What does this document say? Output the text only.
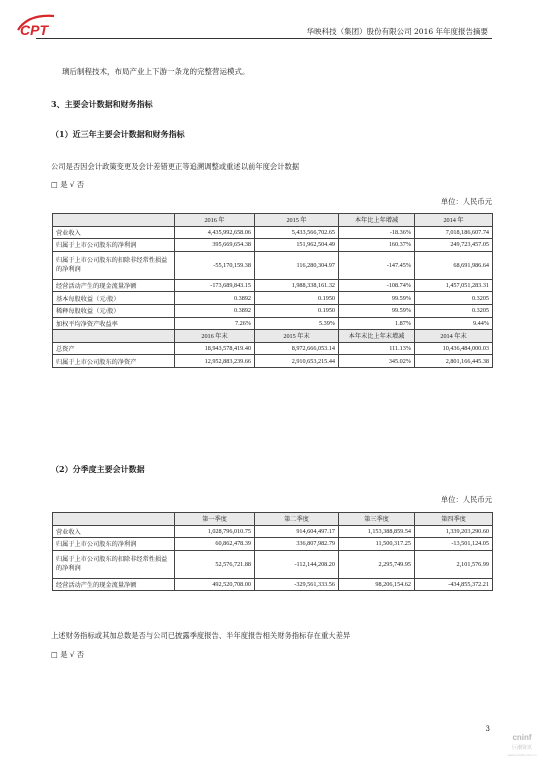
CPT	华映科技（集团）股份有限公司 2016 年年度报告摘要
璃后制程技术，布局产业上下游一条龙的完整营运模式。
3、主要会计数据和财务指标
（1）近三年主要会计数据和财务指标
公司是否因会计政策变更及会计差错更正等追溯调整或重述以前年度会计数据
□ 是 √ 否
单位：人民币元
	2016 年	2015 年	本年比上年增减	2014 年
营业收入	4,435,992,658.06	5,433,566,702.65	-18.36%	7,018,186,607.74
归属于上市公司股东的净利润	395,669,654.38	151,962,504.49	160.37%	249,723,457.05
归属于上市公司股东的扣除非经常性损益的净利润	-55,170,159.38	116,280,304.97	-147.45%	68,691,986.64
经营活动产生的现金流量净额	-173,689,843.15	1,988,338,161.32	-108.74%	1,457,051,283.31
基本每股收益（元/股）	0.3892	0.1950	99.59%	0.3205
稀释每股收益（元/股）	0.3892	0.1950	99.59%	0.3205
加权平均净资产收益率	7.26%	5.39%	1.87%	9.44%
	2016 年末	2015 年末	本年末比上年末增减	2014 年末
总资产	18,943,578,419.40	8,972,666,053.14	111.13%	10,436,484,000.03
归属于上市公司股东的净资产	12,952,883,239.66	2,910,653,215.44	345.02%	2,801,166,445.38
（2）分季度主要会计数据
单位：人民币元
	第一季度	第二季度	第三季度	第四季度
营业收入	1,028,796,010.75	914,604,497.17	1,153,388,859.54	1,339,203,290.60
归属于上市公司股东的净利润	60,862,478.39	336,807,982.79	11,500,317.25	-13,501,124.05
归属于上市公司股东的扣除非经常性损益的净利润	52,576,721.88	-112,144,208.20	2,295,749.95	2,101,576.99
经营活动产生的现金流量净额	492,520,708.00	-329,561,333.56	98,206,154.62	-434,855,372.21
上述财务指标或其加总数是否与公司已披露季度报告、半年度报告相关财务指标存在重大差异
□ 是 √ 否
3
cninf
巨潮资讯
www.cninfo.com.cn
